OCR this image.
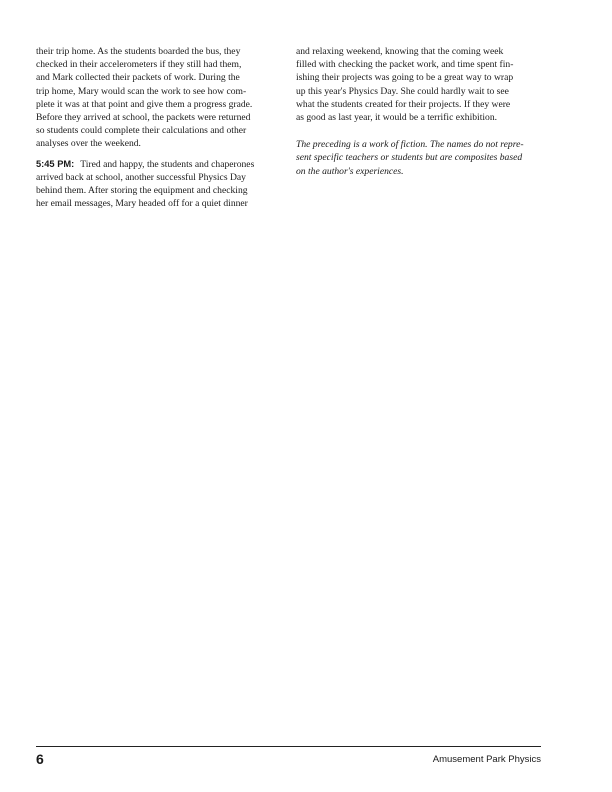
their trip home. As the students boarded the bus, they
checked in their accelerometers if they still had them,
and Mark collected their packets of work. During the
trip home, Mary would scan the work to see how com-
plete it was at that point and give them a progress grade.
Before they arrived at school, the packets were returned
so students could complete their calculations and other
analyses over the weekend.
5:45 PM: Tired and happy, the students and chaperones
arrived back at school, another successful Physics Day
behind them. After storing the equipment and checking
her email messages, Mary headed off for a quiet dinner
and relaxing weekend, knowing that the coming week
filled with checking the packet work, and time spent fin-
ishing their projects was going to be a great way to wrap
up this year's Physics Day. She could hardly wait to see
what the students created for their projects. If they were
as good as last year, it would be a terrific exhibition.
The preceding is a work of fiction. The names do not repre-
sent specific teachers or students but are composites based
on the author's experiences.
6	Amusement Park Physics
